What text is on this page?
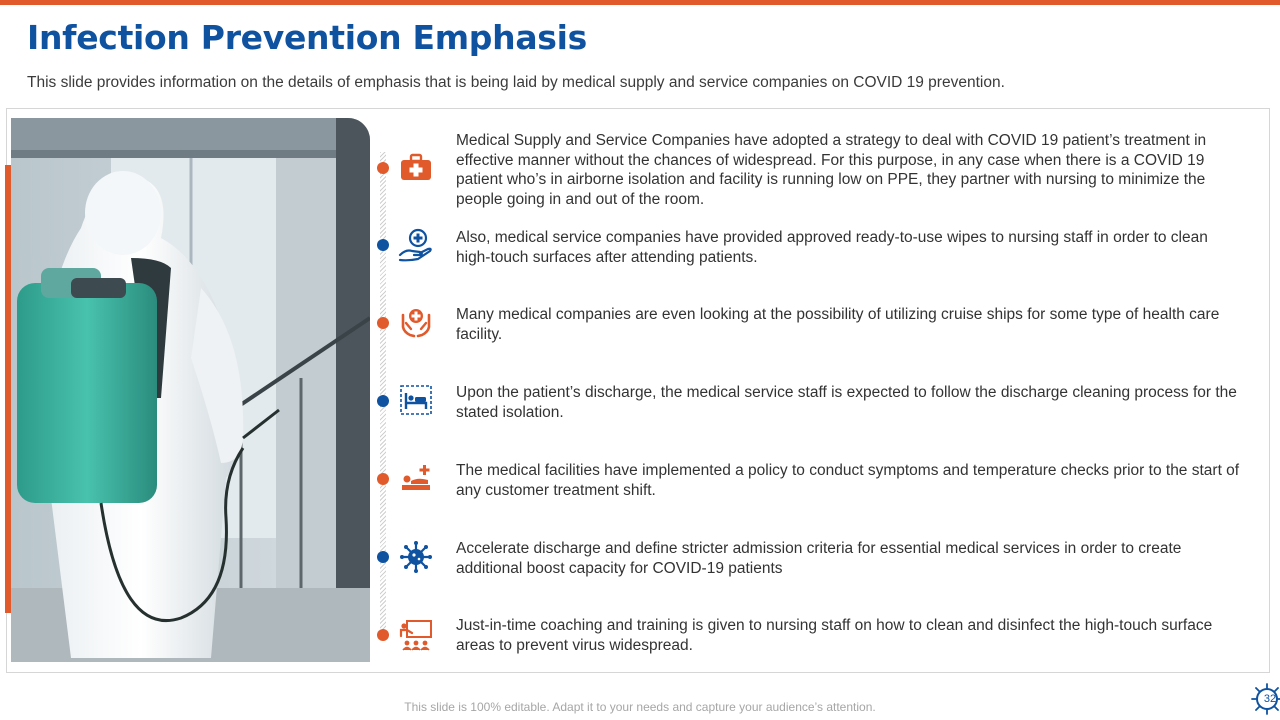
Infection Prevention Emphasis

This slide provides information on the details of emphasis that is being laid by medical supply and service companies on COVID 19 prevention.

Medical Supply and Service Companies have adopted a strategy to deal with COVID 19 patient’s treatment in effective manner without the chances of widespread. For this purpose, in any case when there is a COVID 19 patient who’s in airborne isolation and facility is running low on PPE, they partner with nursing to minimize the people going in and out of the room.

Also, medical service companies have provided approved ready-to-use wipes to nursing staff in order to clean high-touch surfaces after attending patients.

Many medical companies are even looking at the possibility of utilizing cruise ships for some type of health care facility.

Upon the patient’s discharge, the medical service staff is expected to follow the discharge cleaning process for the stated isolation.

The medical facilities have implemented a policy to conduct symptoms and temperature checks prior to the start of any customer treatment shift.

Accelerate discharge and define stricter admission criteria for essential medical services in order to create additional boost capacity for COVID-19 patients

Just-in-time coaching and training is given to nursing staff on how to clean and disinfect the high-touch surface areas to prevent virus widespread.

This slide is 100% editable. Adapt it to your needs and capture your audience’s attention.

32
